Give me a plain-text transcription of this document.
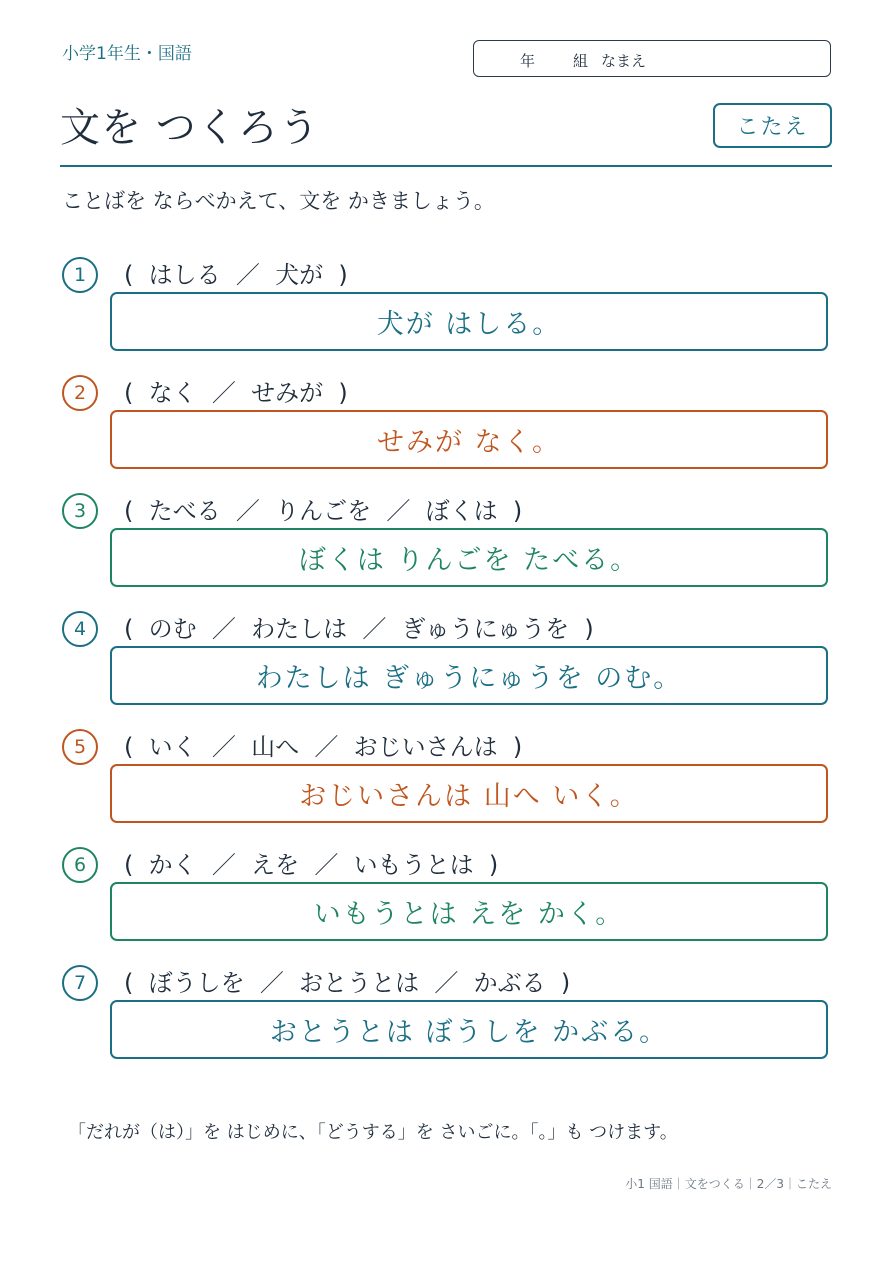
小学1年生・国語	年	組 なまえ
文を つくろう	こたえ
ことばを ならべかえて、文を かきましょう。
1	(  はしる  ／  犬が  )
犬が はしる。
2	(  なく  ／  せみが  )
せみが なく。
3	(  たべる  ／  りんごを  ／  ぼくは  )
ぼくは りんごを たべる。
4	(  のむ  ／  わたしは  ／  ぎゅうにゅうを  )
わたしは ぎゅうにゅうを のむ。
5	(  いく  ／  山へ  ／  おじいさんは  )
おじいさんは 山へ いく。
6	(  かく  ／  えを  ／  いもうとは  )
いもうとは えを かく。
7	(  ぼうしを  ／  おとうとは  ／  かぶる  )
おとうとは ぼうしを かぶる。
「だれが（は）」を はじめに、「どうする」を さいごに。「。」も つけます。
小1 国語｜文をつくる｜2／3｜こたえ
